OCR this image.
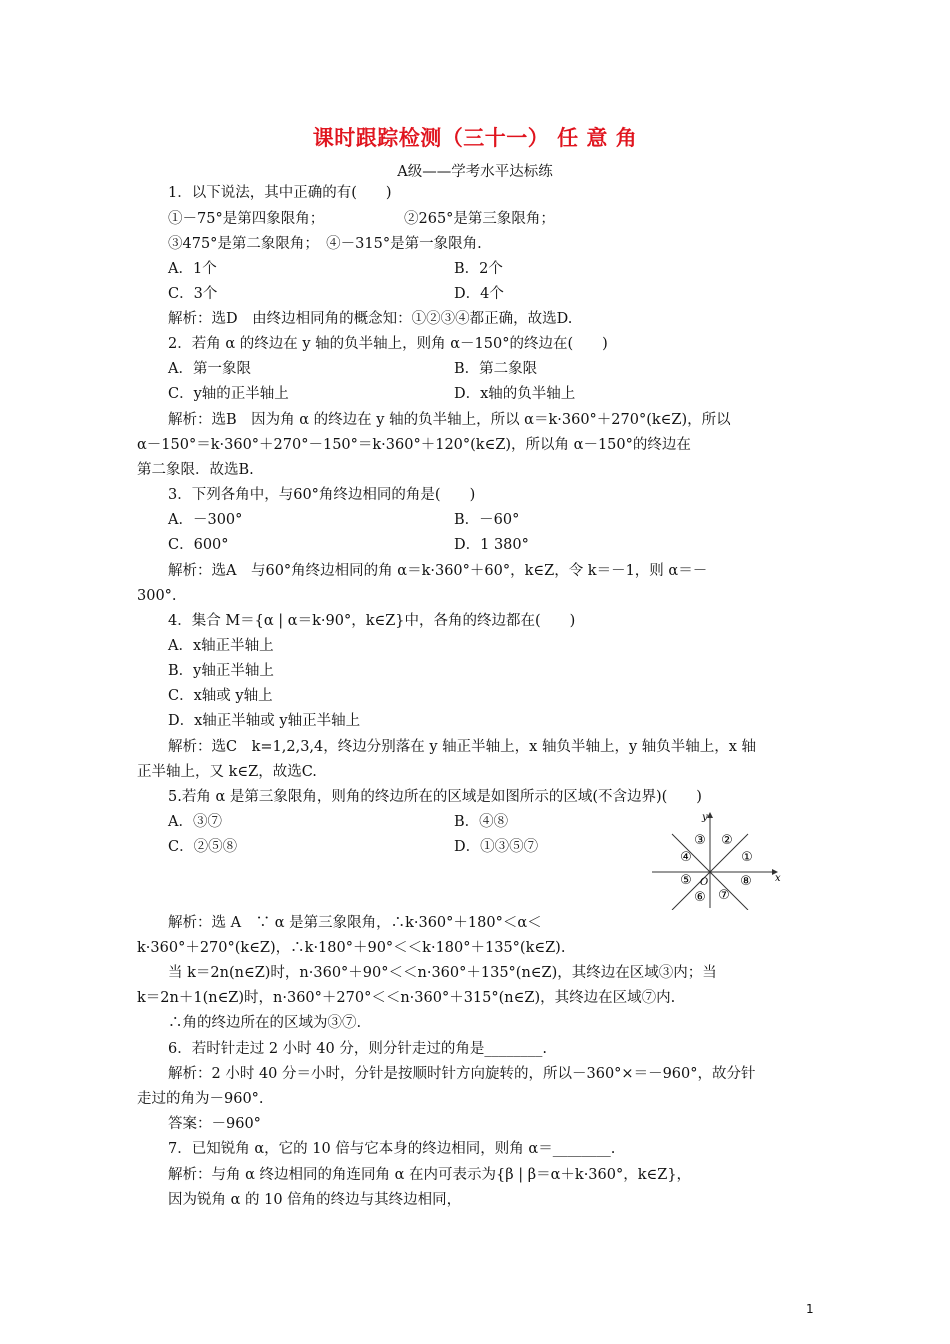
课时跟踪检测（三十一） 任 意 角
A级——学考水平达标练
1．以下说法，其中正确的有(　　)
①－75°是第四象限角；	②265°是第三象限角；
③475°是第二象限角；　④－315°是第一象限角.
A．1个	B．2个
C．3个	D．4个
解析：选D　由终边相同角的概念知：①②③④都正确，故选D.
2．若角 α 的终边在 y 轴的负半轴上，则角 α－150°的终边在(　　)
A．第一象限	B．第二象限
C．y轴的正半轴上	D．x轴的负半轴上
解析：选B　因为角 α 的终边在 y 轴的负半轴上，所以 α＝k·360°＋270°(k∈Z)，所以
α－150°＝k·360°＋270°－150°＝k·360°＋120°(k∈Z)，所以角 α－150°的终边在
第二象限．故选B.
3．下列各角中，与60°角终边相同的角是(　　)
A．－300°	B．－60°
C．600°	D．1 380°
解析：选A　与60°角终边相同的角 α＝k·360°＋60°，k∈Z，令 k＝－1，则 α＝－
300°.
4．集合 M＝{α | α＝k·90°，k∈Z}中，各角的终边都在(　　)
A．x轴正半轴上
B．y轴正半轴上
C．x轴或 y轴上
D．x轴正半轴或 y轴正半轴上
解析：选C　k=1,2,3,4，终边分别落在 y 轴正半轴上，x 轴负半轴上，y 轴负半轴上，x 轴
正半轴上，又 k∈Z，故选C.
5.若角 α 是第三象限角，则角的终边所在的区域是如图所示的区域(不含边界)(　　)
A．③⑦	B．④⑧
C．②⑤⑧	D．①③⑤⑦
x
y
O
①
②
③
④
⑤
⑥ ⑦
⑧
解析：选 A　∵ α 是第三象限角，∴k·360°＋180°＜α＜
k·360°＋270°(k∈Z)，∴k·180°＋90°＜＜k·180°＋135°(k∈Z).
当 k＝2n(n∈Z)时，n·360°＋90°＜＜n·360°＋135°(n∈Z)，其终边在区域③内；当
k＝2n＋1(n∈Z)时，n·360°＋270°＜＜n·360°＋315°(n∈Z)，其终边在区域⑦内.
∴角的终边所在的区域为③⑦.
6．若时针走过 2 小时 40 分，则分针走过的角是________.
解析：2 小时 40 分＝小时，分针是按顺时针方向旋转的，所以－360°×＝－960°，故分针
走过的角为－960°.
答案：－960°
7．已知锐角 α，它的 10 倍与它本身的终边相同，则角 α＝________.
解析：与角 α 终边相同的角连同角 α 在内可表示为{β | β＝α＋k·360°，k∈Z}，
因为锐角 α 的 10 倍角的终边与其终边相同，
1
